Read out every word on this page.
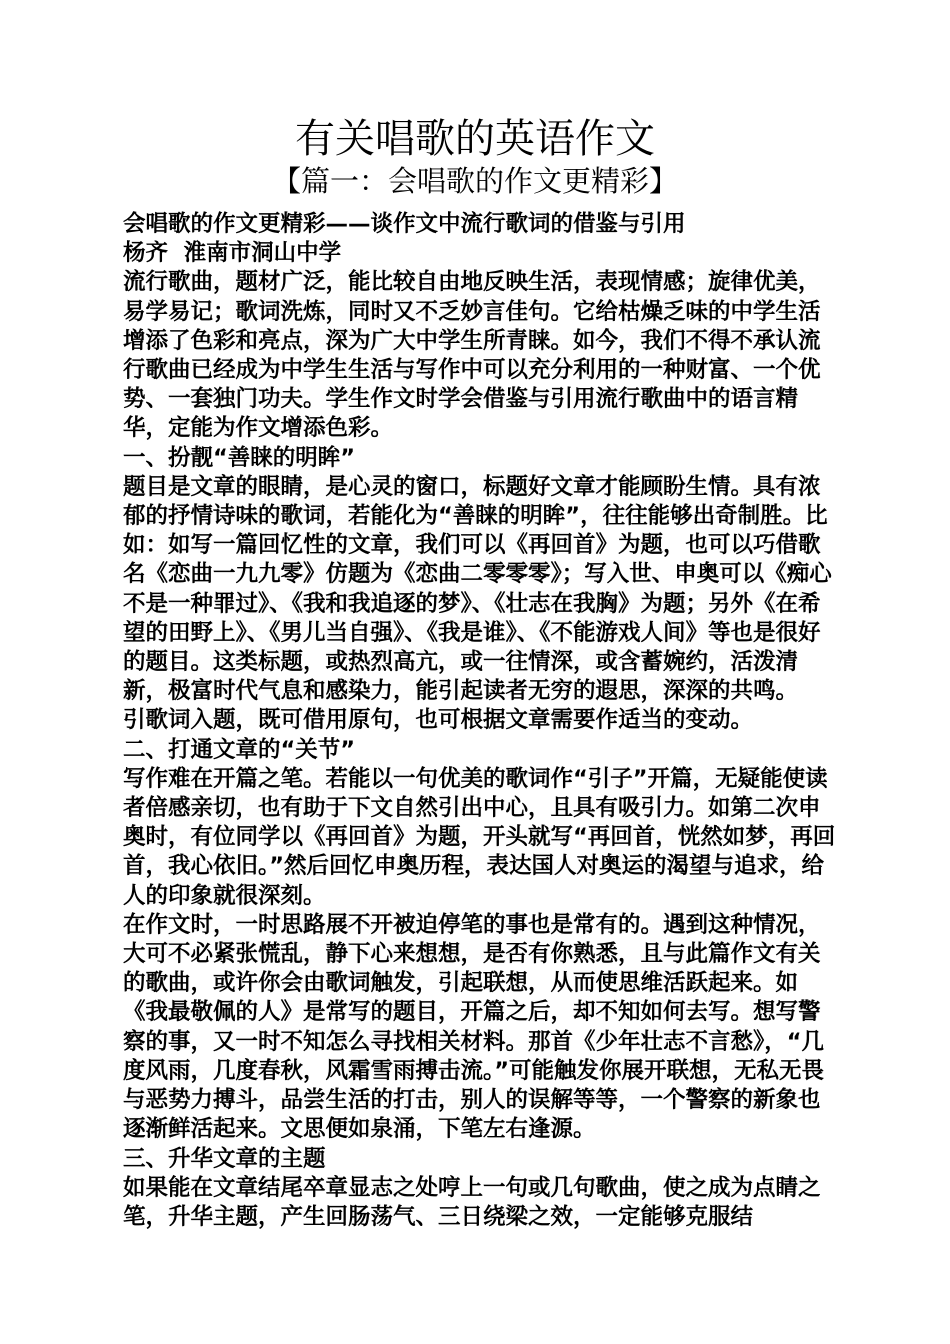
有关唱歌的英语作文
【篇一：会唱歌的作文更精彩】

会唱歌的作文更精彩——谈作文中流行歌词的借鉴与引用

杨齐  淮南市洞山中学

流行歌曲，题材广泛，能比较自由地反映生活，表现情感；旋律优美，易学易记；歌词洗炼，同时又不乏妙言佳句。它给枯燥乏味的中学生活增添了色彩和亮点，深为广大中学生所青睐。如今，我们不得不承认流行歌曲已经成为中学生生活与写作中可以充分利用的一种财富、一个优势、一套独门功夫。学生作文时学会借鉴与引用流行歌曲中的语言精华，定能为作文增添色彩。

一、扮靓“善睐的明眸”

题目是文章的眼睛，是心灵的窗口，标题好文章才能顾盼生情。具有浓郁的抒情诗味的歌词，若能化为“善睐的明眸”，往往能够出奇制胜。比如：如写一篇回忆性的文章，我们可以《再回首》为题，也可以巧借歌名《恋曲一九九零》仿题为《恋曲二零零零》；写入世、申奥可以《痴心不是一种罪过》、《我和我追逐的梦》、《壮志在我胸》为题；另外《在希望的田野上》、《男儿当自强》、《我是谁》、《不能游戏人间》等也是很好的题目。这类标题，或热烈高亢，或一往情深，或含蓄婉约，活泼清新，极富时代气息和感染力，能引起读者无穷的遐思，深深的共鸣。

引歌词入题，既可借用原句，也可根据文章需要作适当的变动。

二、打通文章的“关节”

写作难在开篇之笔。若能以一句优美的歌词作“引子”开篇，无疑能使读者倍感亲切，也有助于下文自然引出中心，且具有吸引力。如第二次申奥时，有位同学以《再回首》为题，开头就写“再回首，恍然如梦，再回首，我心依旧。”然后回忆申奥历程，表达国人对奥运的渴望与追求，给人的印象就很深刻。

在作文时，一时思路展不开被迫停笔的事也是常有的。遇到这种情况，大可不必紧张慌乱，静下心来想想，是否有你熟悉，且与此篇作文有关的歌曲，或许你会由歌词触发，引起联想，从而使思维活跃起来。如《我最敬佩的人》是常写的题目，开篇之后，却不知如何去写。想写警察的事，又一时不知怎么寻找相关材料。那首《少年壮志不言愁》，“几度风雨，几度春秋，风霜雪雨搏击流。”可能触发你展开联想，无私无畏与恶势力搏斗，品尝生活的打击，别人的误解等等，一个警察的新象也逐渐鲜活起来。文思便如泉涌，下笔左右逢源。

三、升华文章的主题

如果能在文章结尾卒章显志之处哼上一句或几句歌曲，使之成为点睛之笔，升华主题，产生回肠荡气、三日绕梁之效，一定能够克服结
